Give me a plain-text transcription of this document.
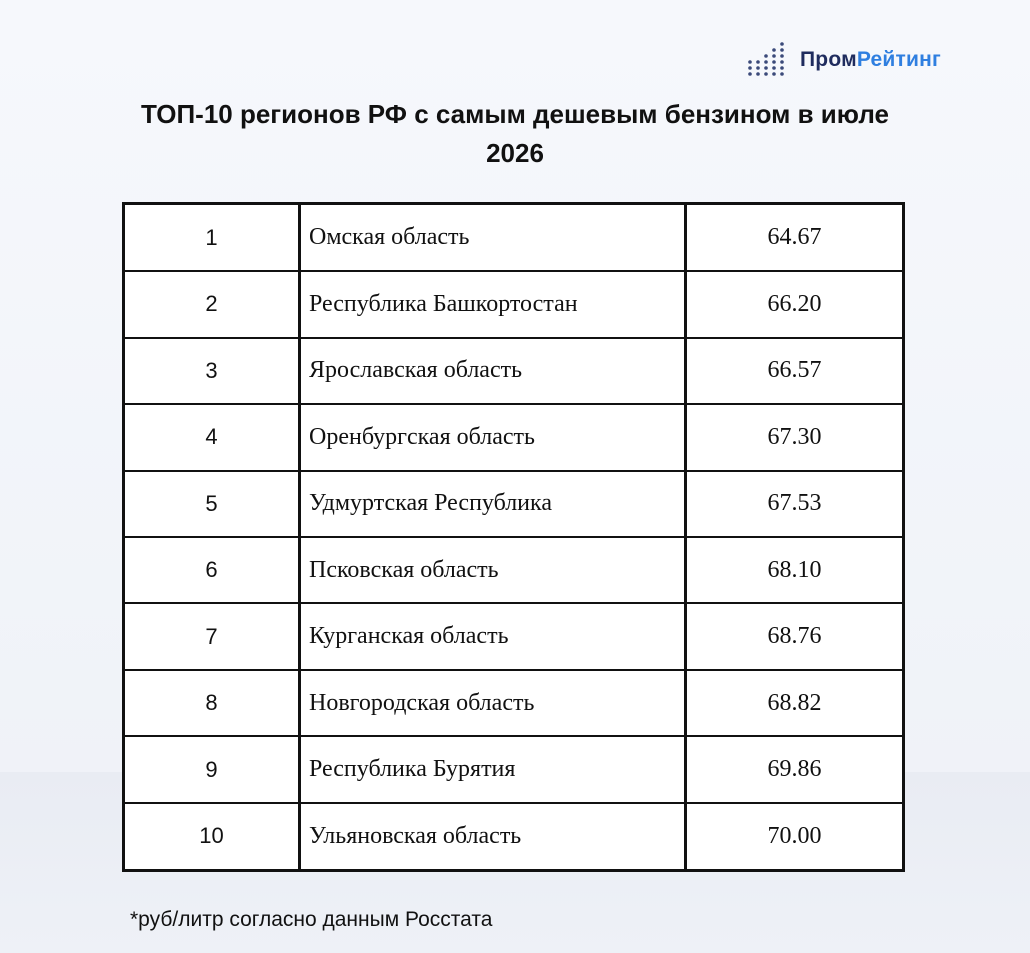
ПромРейтинг
ТОП-10 регионов РФ с самым дешевым бензином в июле 2026
1	Омская область	64.67
2	Республика Башкортостан	66.20
3	Ярославская область	66.57
4	Оренбургская область	67.30
5	Удмуртская Республика	67.53
6	Псковская область	68.10
7	Курганская область	68.76
8	Новгородская область	68.82
9	Республика Бурятия	69.86
10	Ульяновская область	70.00
*руб/литр согласно данным Росстата
